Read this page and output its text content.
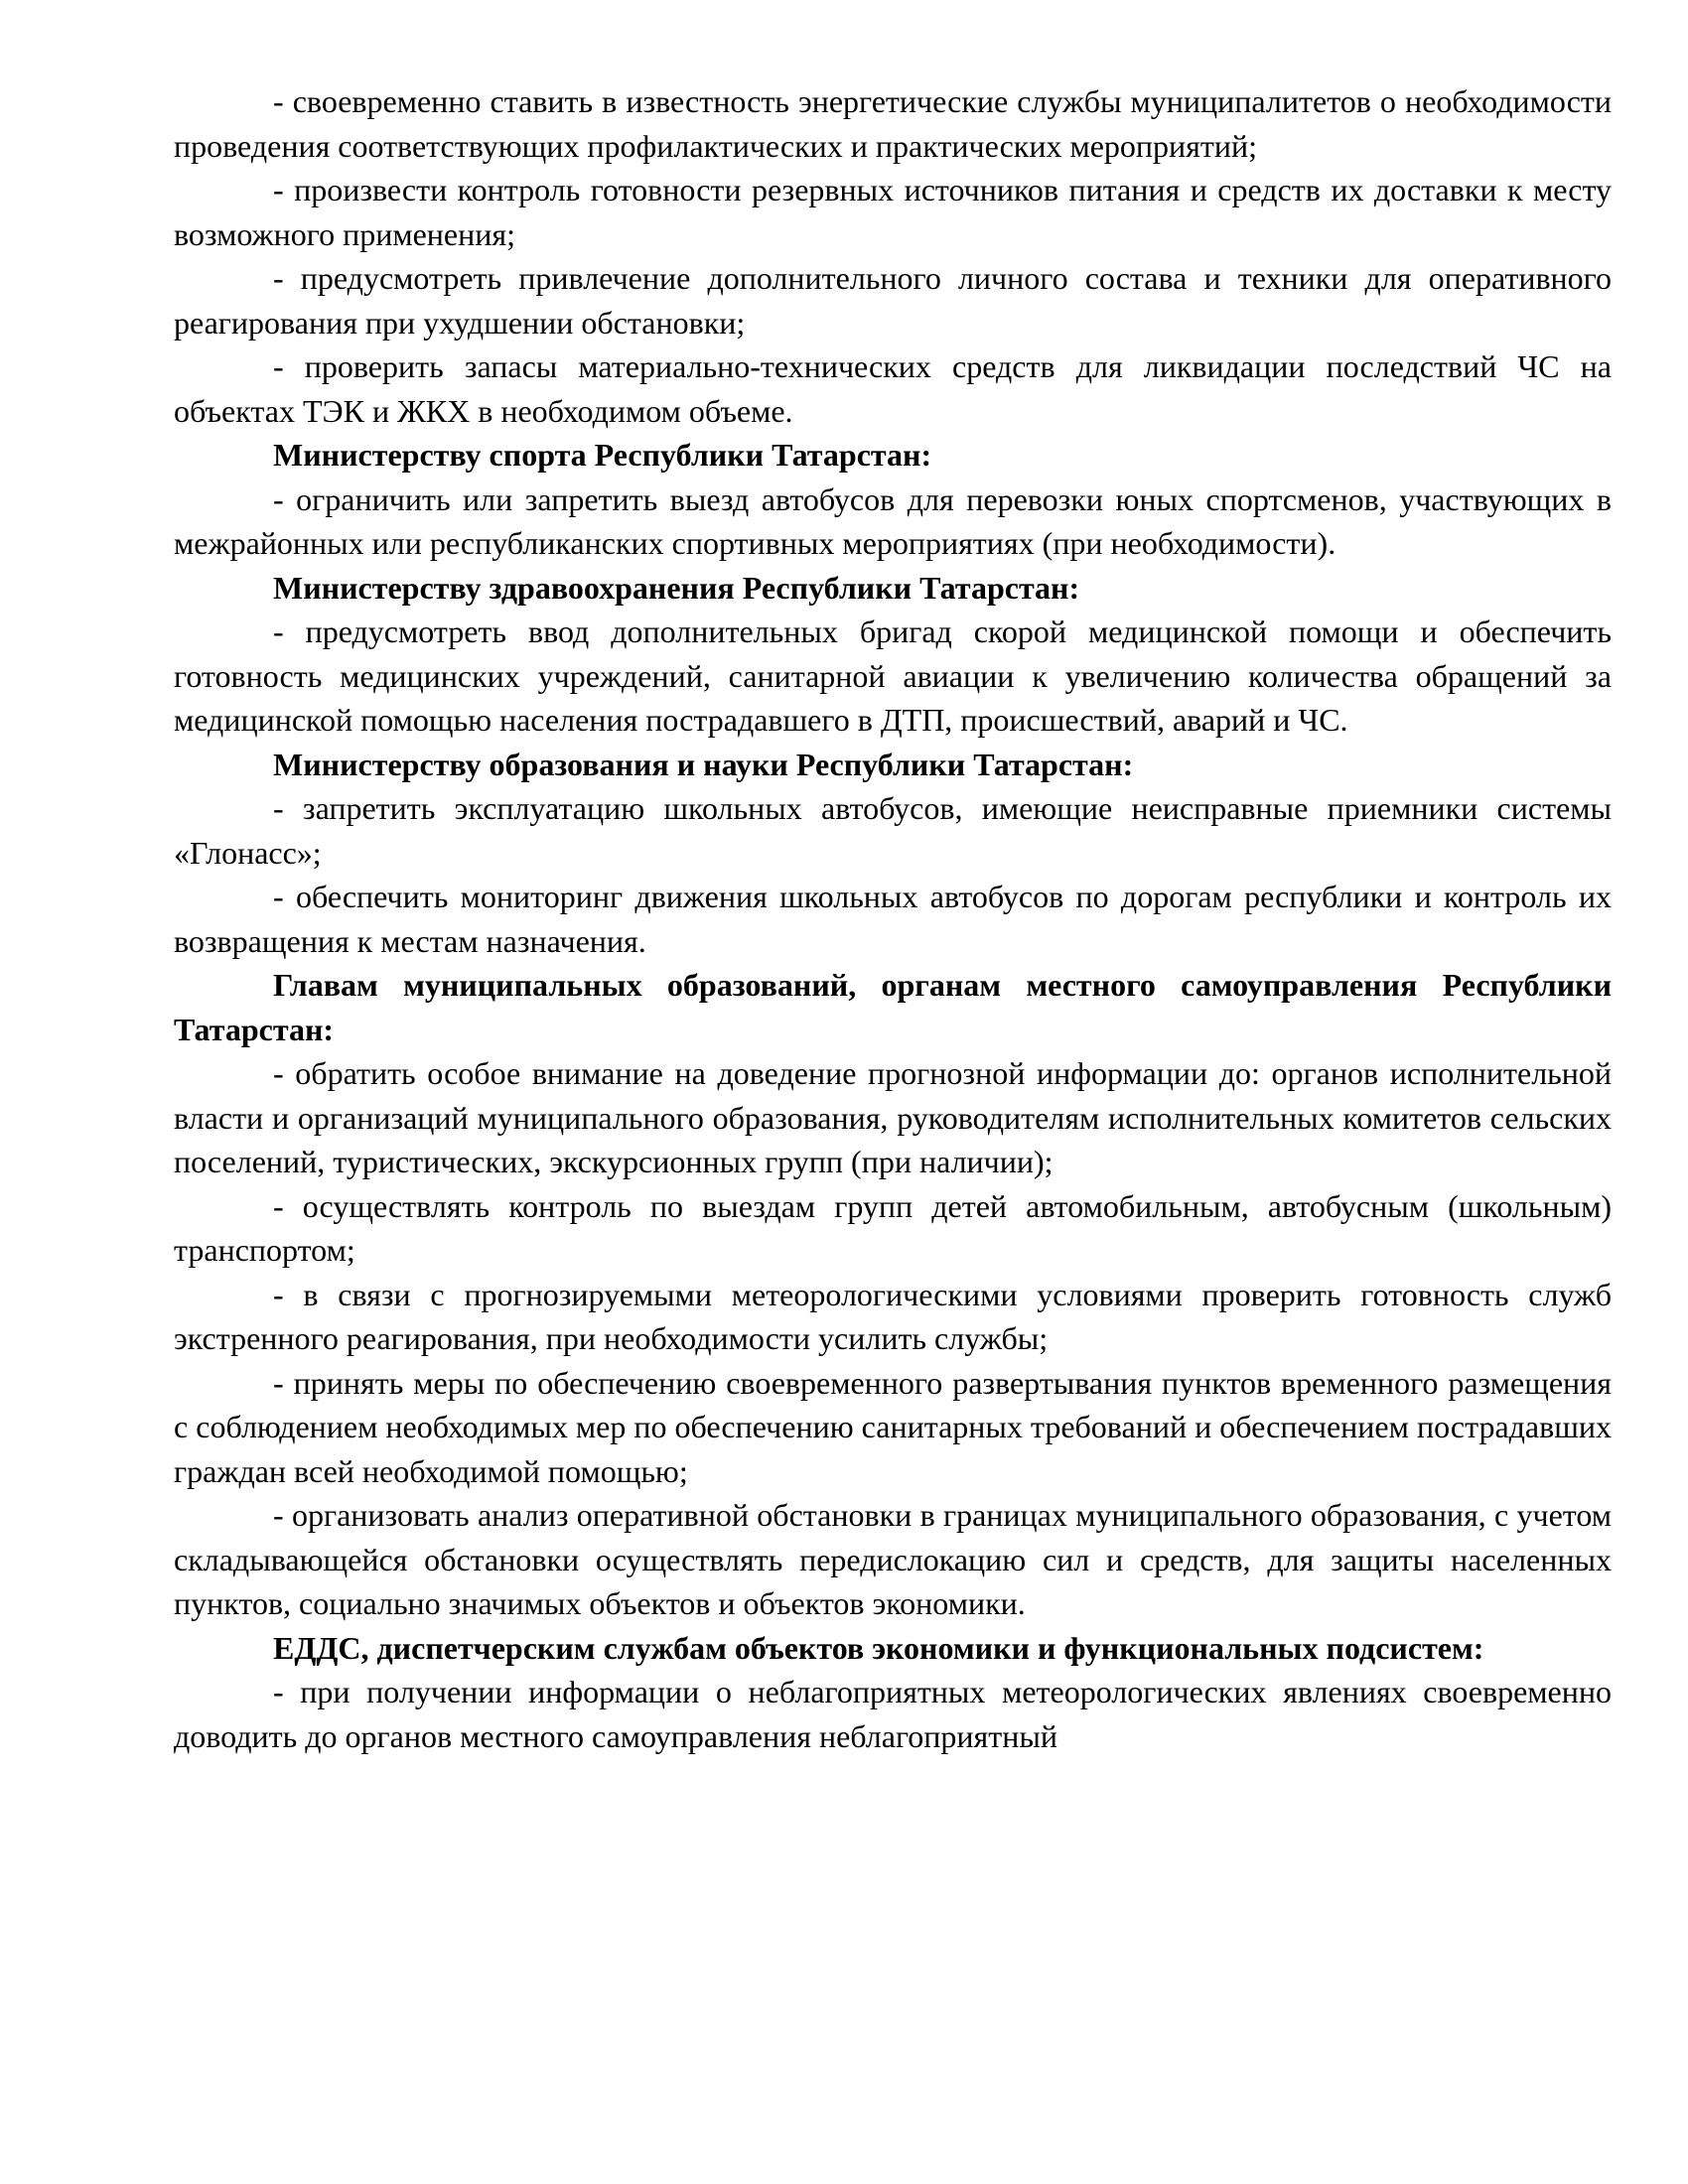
- своевременно ставить в известность энергетические службы муниципалитетов о необходимости проведения соответствующих профилактических и практических мероприятий;

- произвести контроль готовности резервных источников питания и средств их доставки к месту возможного применения;

- предусмотреть привлечение дополнительного личного состава и техники для оперативного реагирования при ухудшении обстановки;

- проверить запасы материально-технических средств для ликвидации последствий ЧС на объектах ТЭК и ЖКХ в необходимом объеме.

Министерству спорта Республики Татарстан:

- ограничить или запретить выезд автобусов для перевозки юных спортсменов, участвующих в межрайонных или республиканских спортивных мероприятиях (при необходимости).

Министерству здравоохранения Республики Татарстан:

- предусмотреть ввод дополнительных бригад скорой медицинской помощи и обеспечить готовность медицинских учреждений, санитарной авиации к увеличению количества обращений за медицинской помощью населения пострадавшего в ДТП, происшествий, аварий и ЧС.

Министерству образования и науки Республики Татарстан:

- запретить эксплуатацию школьных автобусов, имеющие неисправные приемники системы «Глонасс»;

- обеспечить мониторинг движения школьных автобусов по дорогам республики и контроль их возвращения к местам назначения.

Главам муниципальных образований, органам местного самоуправления Республики Татарстан:

- обратить особое внимание на доведение прогнозной информации до: органов исполнительной власти и организаций муниципального образования, руководителям исполнительных комитетов сельских поселений, туристических, экскурсионных групп (при наличии);

- осуществлять контроль по выездам групп детей автомобильным, автобусным (школьным) транспортом;

- в связи с прогнозируемыми метеорологическими условиями проверить готовность служб экстренного реагирования, при необходимости усилить службы;

- принять меры по обеспечению своевременного развертывания пунктов временного размещения с соблюдением необходимых мер по обеспечению санитарных требований и обеспечением пострадавших граждан всей необходимой помощью;

- организовать анализ оперативной обстановки в границах муниципального образования, с учетом складывающейся обстановки осуществлять передислокацию сил и средств, для защиты населенных пунктов, социально значимых объектов и объектов экономики.

ЕДДС, диспетчерским службам объектов экономики и функциональных подсистем:

- при получении информации о неблагоприятных метеорологических явлениях своевременно доводить до органов местного самоуправления неблагоприятный
